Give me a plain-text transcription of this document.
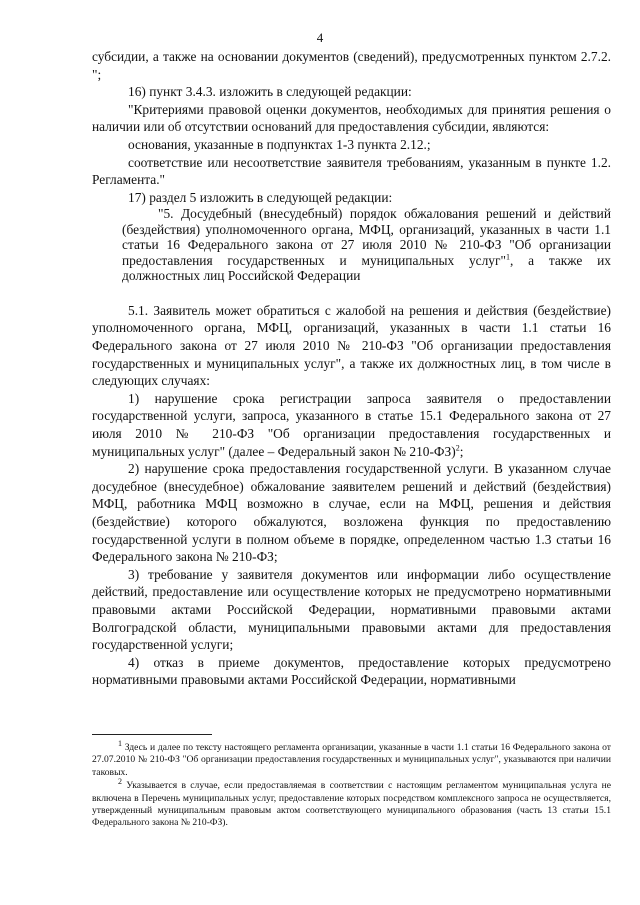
4

субсидии, а также на основании документов (сведений), предусмотренных пунктом 2.7.2. ";

16) пункт 3.4.3. изложить в следующей редакции:

"Критериями правовой оценки документов, необходимых для принятия решения о наличии или об отсутствии оснований для предоставления субсидии, являются:

основания, указанные в подпунктах 1-3 пункта 2.12.;

соответствие или несоответствие заявителя требованиям, указанным в пункте 1.2. Регламента."

17) раздел 5 изложить в следующей редакции:

"5. Досудебный (внесудебный) порядок обжалования решений и действий (бездействия) уполномоченного органа, МФЦ, организаций, указанных в части 1.1 статьи 16 Федерального закона от 27 июля 2010 № 210-ФЗ "Об организации предоставления государственных и муниципальных услуг"$^1$, а также их должностных лиц Российской Федерации

5.1. Заявитель может обратиться с жалобой на решения и действия (бездействие) уполномоченного органа, МФЦ, организаций, указанных в части 1.1 статьи 16 Федерального закона от 27 июля 2010 № 210-ФЗ "Об организации предоставления государственных и муниципальных услуг", а также их должностных лиц, в том числе в следующих случаях:

1) нарушение срока регистрации запроса заявителя о предоставлении государственной услуги, запроса, указанного в статье 15.1 Федерального закона от 27 июля 2010 № 210-ФЗ "Об организации предоставления государственных и муниципальных услуг" (далее – Федеральный закон № 210-ФЗ)$^2$;

2) нарушение срока предоставления государственной услуги. В указанном случае досудебное (внесудебное) обжалование заявителем решений и действий (бездействия) МФЦ, работника МФЦ возможно в случае, если на МФЦ, решения и действия (бездействие) которого обжалуются, возложена функция по предоставлению государственной услуги в полном объеме в порядке, определенном частью 1.3 статьи 16 Федерального закона № 210-ФЗ;

3) требование у заявителя документов или информации либо осуществление действий, предоставление или осуществление которых не предусмотрено нормативными правовыми актами Российской Федерации, нормативными правовыми актами Волгоградской области, муниципальными правовыми актами для предоставления государственной услуги;

4) отказ в приеме документов, предоставление которых предусмотрено нормативными правовыми актами Российской Федерации, нормативными

$^1$ Здесь и далее по тексту настоящего регламента организации, указанные в части 1.1 статьи 16 Федерального закона от 27.07.2010 № 210-ФЗ "Об организации предоставления государственных и муниципальных услуг", указываются при наличии таковых.

$^2$ Указывается в случае, если предоставляемая в соответствии с настоящим регламентом муниципальная услуга не включена в Перечень муниципальных услуг, предоставление которых посредством комплексного запроса не осуществляется, утвержденный муниципальным правовым актом соответствующего муниципального образования (часть 13 статьи 15.1 Федерального закона № 210-ФЗ).
